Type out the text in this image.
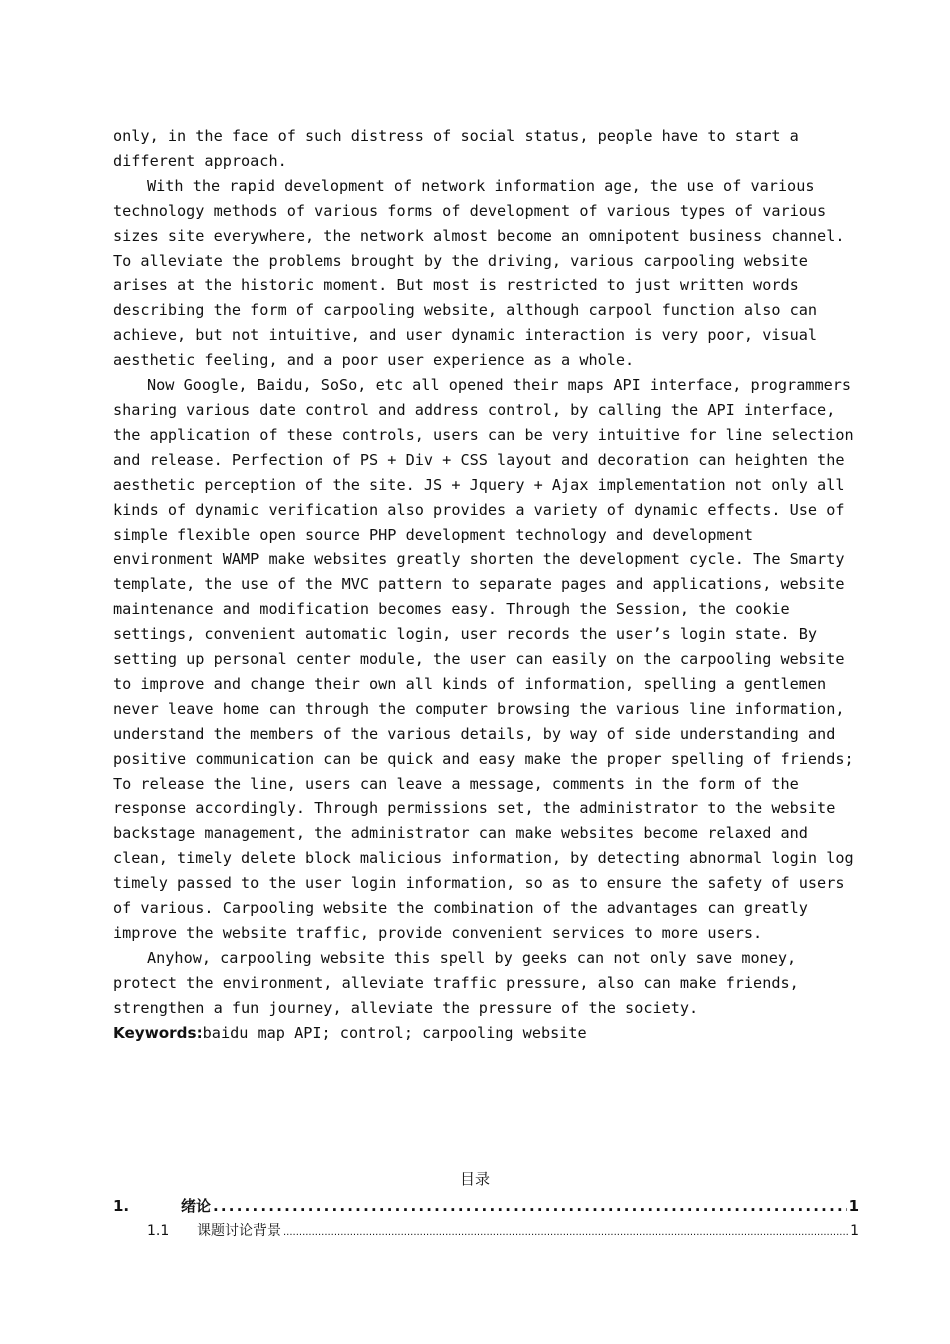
only, in the face of such distress of social status, people have to start a different approach.

With the rapid development of network information age, the use of various technology methods of various forms of development of various types of various sizes site everywhere, the network almost become an omnipotent business channel. To alleviate the problems brought by the driving, various carpooling website arises at the historic moment. But most is restricted to just written words describing the form of carpooling website, although carpool function also can achieve, but not intuitive, and user dynamic interaction is very poor, visual aesthetic feeling, and a poor user experience as a whole.

Now Google, Baidu, SoSo, etc all opened their maps API interface, programmers sharing various date control and address control, by calling the API interface, the application of these controls, users can be very intuitive for line selection and release. Perfection of PS + Div + CSS layout and decoration can heighten the aesthetic perception of the site. JS + Jquery + Ajax implementation not only all kinds of dynamic verification also provides a variety of dynamic effects. Use of simple flexible open source PHP development technology and development environment WAMP make websites greatly shorten the development cycle. The Smarty template, the use of the MVC pattern to separate pages and applications, website maintenance and modification becomes easy. Through the Session, the cookie settings, convenient automatic login, user records the user’s login state. By setting up personal center module, the user can easily on the carpooling website to improve and change their own all kinds of information, spelling a gentlemen never leave home can through the computer browsing the various line information, understand the members of the various details, by way of side understanding and positive communication can be quick and easy make the proper spelling of friends; To release the line, users can leave a message, comments in the form of the response accordingly. Through permissions set, the administrator to the website backstage management, the administrator can make websites become relaxed and clean, timely delete block malicious information, by detecting abnormal login log timely passed to the user login information, so as to ensure the safety of users of various. Carpooling website the combination of the advantages can greatly improve the website traffic, provide convenient services to more users.

Anyhow, carpooling website this spell by geeks can not only save money, protect the environment, alleviate traffic pressure, also can make friends, strengthen a fun journey, alleviate the pressure of the society.

Keywords:baidu map API; control; carpooling website

目录
1.	绪论 .....	1
1.1	课题讨论背景 .....	1
